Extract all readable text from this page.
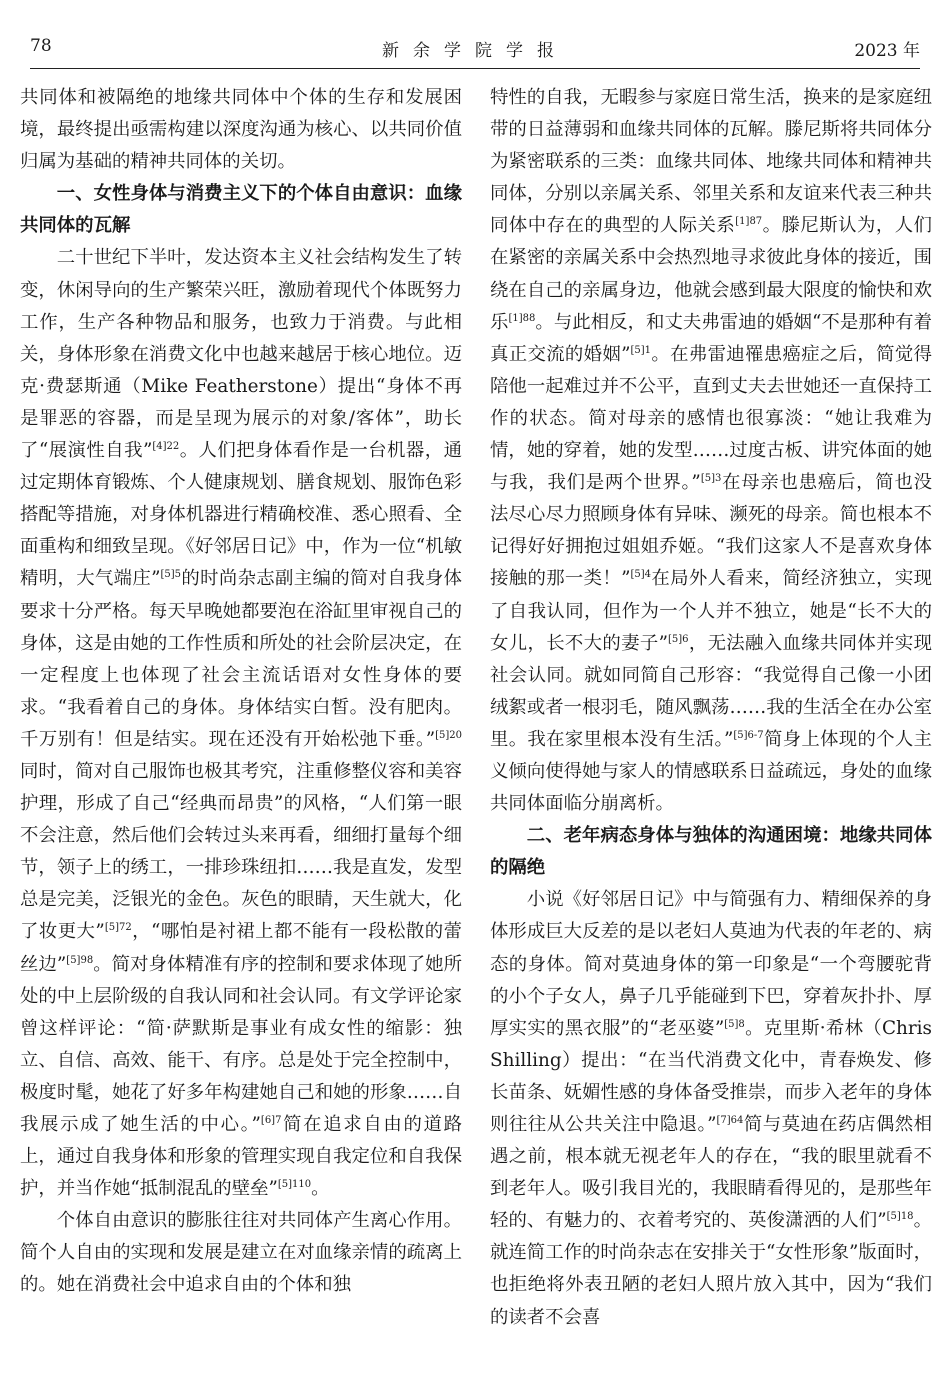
78	新余学院学报	2023 年

共同体和被隔绝的地缘共同体中个体的生存和发展困境，最终提出亟需构建以深度沟通为核心、以共同价值归属为基础的精神共同体的关切。

一、女性身体与消费主义下的个体自由意识：血缘共同体的瓦解

二十世纪下半叶，发达资本主义社会结构发生了转变，休闲导向的生产繁荣兴旺，激励着现代个体既努力工作，生产各种物品和服务，也致力于消费。与此相关，身体形象在消费文化中也越来越居于核心地位。迈克·费瑟斯通（Mike Featherstone）提出“身体不再是罪恶的容器，而是呈现为展示的对象/客体”，助长了“展演性自我”$^{[4]22}$。人们把身体看作是一台机器，通过定期体育锻炼、个人健康规划、膳食规划、服饰色彩搭配等措施，对身体机器进行精确校准、悉心照看、全面重构和细致呈现。《好邻居日记》中，作为一位“机敏精明，大气端庄”$^{[5]5}$的时尚杂志副主编的简对自我身体要求十分严格。每天早晚她都要泡在浴缸里审视自己的身体，这是由她的工作性质和所处的社会阶层决定，在一定程度上也体现了社会主流话语对女性身体的要求。“我看着自己的身体。身体结实白皙。没有肥肉。千万别有！但是结实。现在还没有开始松弛下垂。”$^{[5]20}$同时，简对自己服饰也极其考究，注重修整仪容和美容护理，形成了自己“经典而昂贵”的风格，“人们第一眼不会注意，然后他们会转过头来再看，细细打量每个细节，领子上的绣工，一排珍珠纽扣……我是直发，发型总是完美，泛银光的金色。灰色的眼睛，天生就大，化了妆更大”$^{[5]72}$，“哪怕是衬裙上都不能有一段松散的蕾丝边”$^{[5]98}$。简对身体精准有序的控制和要求体现了她所处的中上层阶级的自我认同和社会认同。有文学评论家曾这样评论：“简·萨默斯是事业有成女性的缩影：独立、自信、高效、能干、有序。总是处于完全控制中，极度时髦，她花了好多年构建她自己和她的形象……自我展示成了她生活的中心。”$^{[6]7}$简在追求自由的道路上，通过自我身体和形象的管理实现自我定位和自我保护，并当作她“抵制混乱的壁垒”$^{[5]110}$。

个体自由意识的膨胀往往对共同体产生离心作用。简个人自由的实现和发展是建立在对血缘亲情的疏离上的。她在消费社会中追求自由的个体和独

特性的自我，无暇参与家庭日常生活，换来的是家庭纽带的日益薄弱和血缘共同体的瓦解。滕尼斯将共同体分为紧密联系的三类：血缘共同体、地缘共同体和精神共同体，分别以亲属关系、邻里关系和友谊来代表三种共同体中存在的典型的人际关系$^{[1]87}$。滕尼斯认为，人们在紧密的亲属关系中会热烈地寻求彼此身体的接近，围绕在自己的亲属身边，他就会感到最大限度的愉快和欢乐$^{[1]88}$。与此相反，和丈夫弗雷迪的婚姻“不是那种有着真正交流的婚姻”$^{[5]1}$。在弗雷迪罹患癌症之后，简觉得陪他一起难过并不公平，直到丈夫去世她还一直保持工作的状态。简对母亲的感情也很寡淡：“她让我难为情，她的穿着，她的发型……过度古板、讲究体面的她与我，我们是两个世界。”$^{[5]3}$在母亲也患癌后，简也没法尽心尽力照顾身体有异味、濒死的母亲。简也根本不记得好好拥抱过姐姐乔姬。“我们这家人不是喜欢身体接触的那一类！”$^{[5]4}$在局外人看来，简经济独立，实现了自我认同，但作为一个人并不独立，她是“长不大的女儿，长不大的妻子”$^{[5]6}$，无法融入血缘共同体并实现社会认同。就如同简自己形容：“我觉得自己像一小团绒絮或者一根羽毛，随风飘荡……我的生活全在办公室里。我在家里根本没有生活。”$^{[5]6-7}$简身上体现的个人主义倾向使得她与家人的情感联系日益疏远，身处的血缘共同体面临分崩离析。

二、老年病态身体与独体的沟通困境：地缘共同体的隔绝

小说《好邻居日记》中与简强有力、精细保养的身体形成巨大反差的是以老妇人莫迪为代表的年老的、病态的身体。简对莫迪身体的第一印象是“一个弯腰驼背的小个子女人，鼻子几乎能碰到下巴，穿着灰扑扑、厚厚实实的黑衣服”的“老巫婆”$^{[5]8}$。克里斯·希林（Chris Shilling）提出：“在当代消费文化中，青春焕发、修长苗条、妩媚性感的身体备受推崇，而步入老年的身体则往往从公共关注中隐退。”$^{[7]64}$简与莫迪在药店偶然相遇之前，根本就无视老年人的存在，“我的眼里就看不到老年人。吸引我目光的，我眼睛看得见的，是那些年轻的、有魅力的、衣着考究的、英俊潇洒的人们”$^{[5]18}$。就连简工作的时尚杂志在安排关于“女性形象”版面时，也拒绝将外表丑陋的老妇人照片放入其中，因为“我们的读者不会喜
